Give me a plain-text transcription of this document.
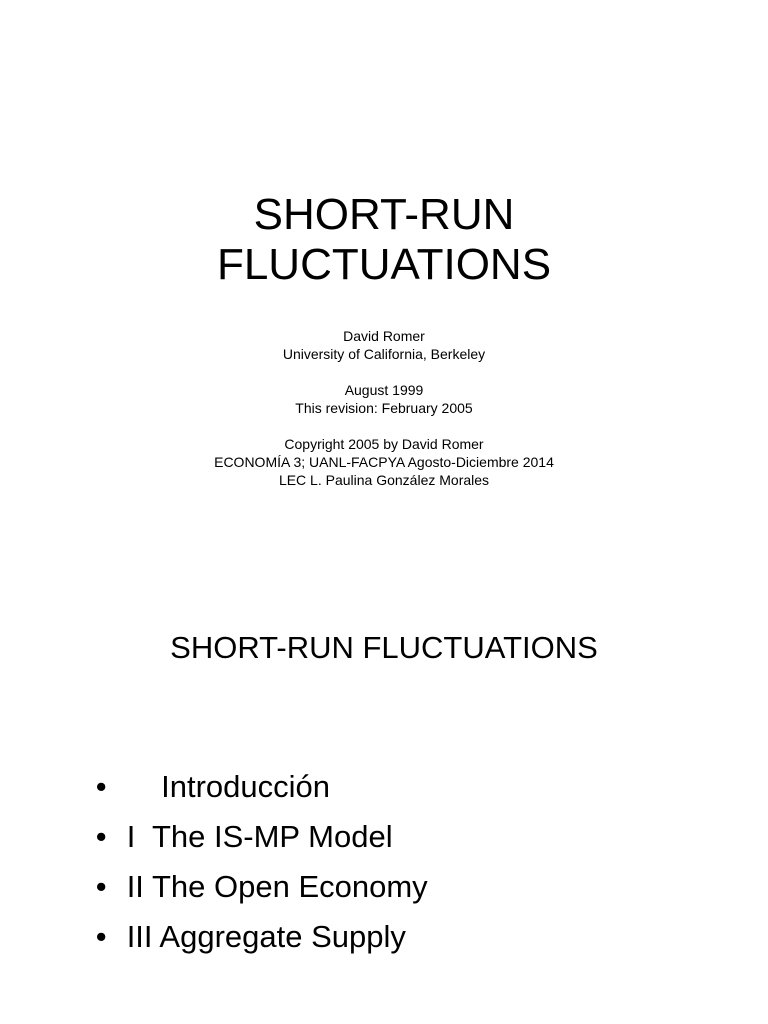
SHORT-RUN
FLUCTUATIONS
David Romer
University of California, Berkeley
August 1999
This revision: February 2005
Copyright 2005 by David Romer
ECONOMÍA 3; UANL-FACPYA Agosto-Diciembre 2014
LEC L. Paulina González Morales
SHORT-RUN FLUCTUATIONS

•    Introducción

• I  The IS-MP Model

• II The Open Economy

• III Aggregate Supply
